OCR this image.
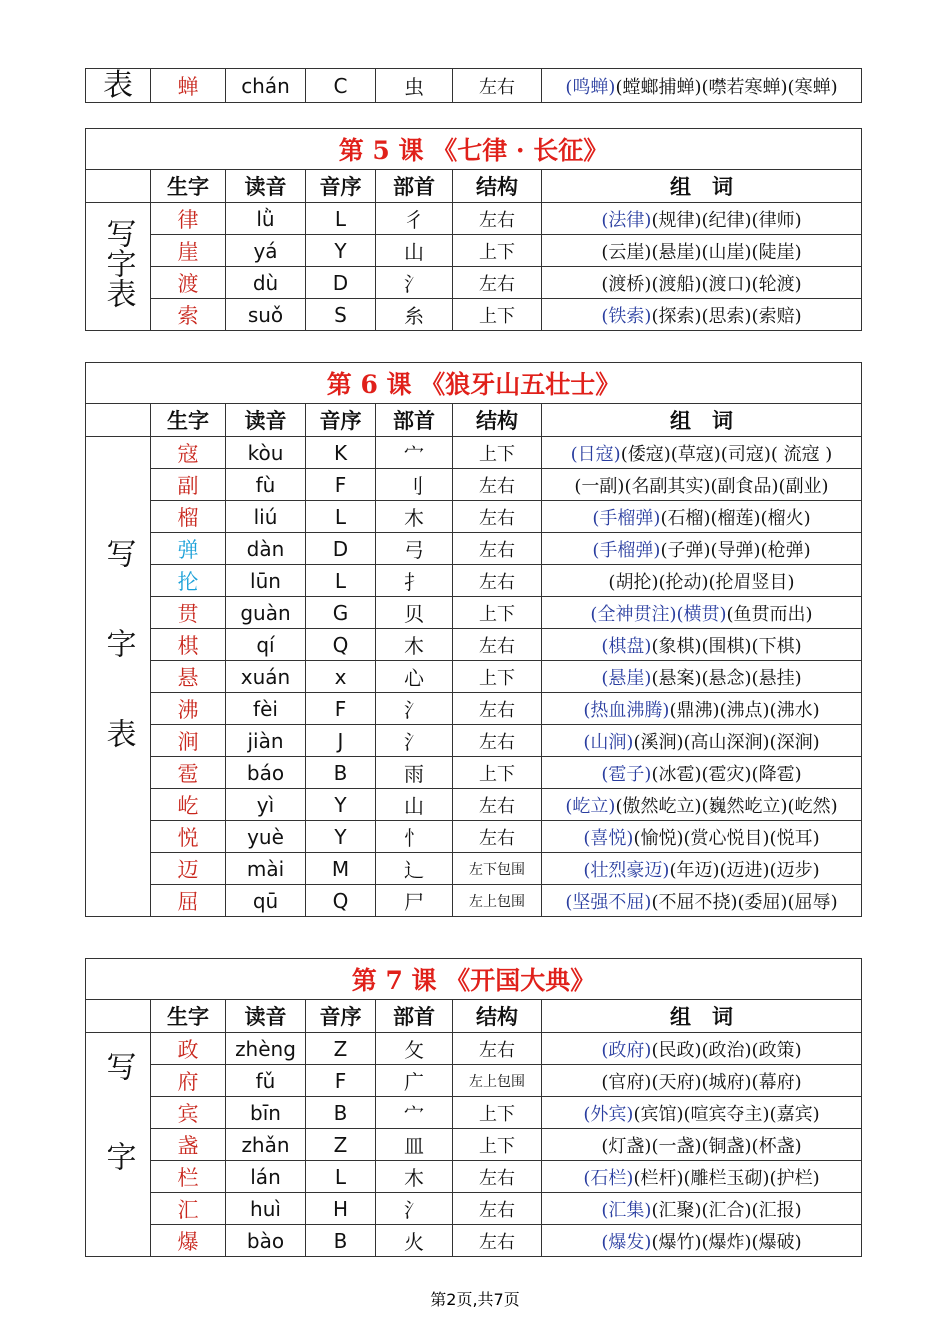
表	蝉	chán	C	虫	左右	(鸣蝉)(螳螂捕蝉)(噤若寒蝉)(寒蝉)
第 5 课 《七律 · 长征》						
	生字	读音	音序	部首	结构	组　词
写字表	律	lǜ	L	彳	左右	(法律)(规律)(纪律)(律师)
	崖	yá	Y	山	上下	(云崖)(悬崖)(山崖)(陡崖)
	渡	dù	D	氵	左右	(渡桥)(渡船)(渡口)(轮渡)
	索	suǒ	S	糸	上下	(铁索)(探索)(思索)(索赔)
第 6 课 《狼牙山五壮士》						
	生字	读音	音序	部首	结构	组　词
写字表	寇	kòu	K	宀	上下	(日寇)(倭寇)(草寇)(司寇)( 流寇 )
	副	fù	F	刂	左右	(一副)(名副其实)(副食品)(副业)
	榴	liú	L	木	左右	(手榴弹)(石榴)(榴莲)(榴火)
	弹	dàn	D	弓	左右	(手榴弹)(子弹)(导弹)(枪弹)
	抡	lūn	L	扌	左右	(胡抡)(抡动)(抡眉竖目)
	贯	guàn	G	贝	上下	(全神贯注)(横贯)(鱼贯而出)
	棋	qí	Q	木	左右	(棋盘)(象棋)(围棋)(下棋)
	悬	xuán	x	心	上下	(悬崖)(悬案)(悬念)(悬挂)
	沸	fèi	F	氵	左右	(热血沸腾)(鼎沸)(沸点)(沸水)
	涧	jiàn	J	氵	左右	(山涧)(溪涧)(高山深涧)(深涧)
	雹	báo	B	雨	上下	(雹子)(冰雹)(雹灾)(降雹)
	屹	yì	Y	山	左右	(屹立)(傲然屹立)(巍然屹立)(屹然)
	悦	yuè	Y	忄	左右	(喜悦)(愉悦)(赏心悦目)(悦耳)
	迈	mài	M	辶	左下包围	(壮烈豪迈)(年迈)(迈进)(迈步)
	屈	qū	Q	尸	左上包围	(坚强不屈)(不屈不挠)(委屈)(屈辱)
第 7 课 《开国大典》						
	生字	读音	音序	部首	结构	组　词
写字	政	zhèng	Z	攵	左右	(政府)(民政)(政治)(政策)
	府	fǔ	F	广	左上包围	(官府)(天府)(城府)(幕府)
	宾	bīn	B	宀	上下	(外宾)(宾馆)(喧宾夺主)(嘉宾)
	盏	zhǎn	Z	皿	上下	(灯盏)(一盏)(铜盏)(杯盏)
	栏	lán	L	木	左右	(石栏)(栏杆)(雕栏玉砌)(护栏)
	汇	huì	H	氵	左右	(汇集)(汇聚)(汇合)(汇报)
	爆	bào	B	火	左右	(爆发)(爆竹)(爆炸)(爆破)
第2页,共7页
